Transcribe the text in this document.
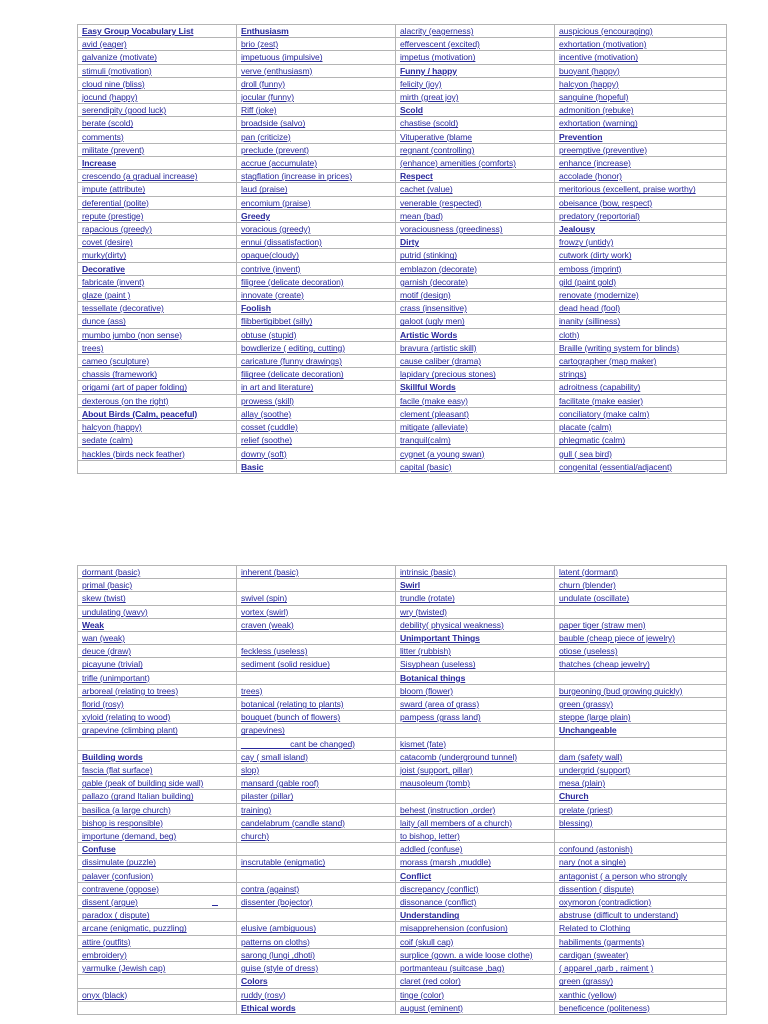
Easy Group Vocabulary List	Enthusiasm	alacrity (eagerness)	auspicious (encouraging)
avid (eager)	brio (zest)	effervescent (excited)	exhortation (motivation)
galvanize (motivate)	impetuous (impulsive)	impetus (motivation)	incentive (motivation)
stimuli (motivation)	verve (enthusiasm)	Funny / happy	buoyant (happy)
cloud nine (bliss)	droll (funny)	felicity (joy)	halcyon (happy)
jocund (happy)	jocular (funny)	mirth (great joy)	sanguine (hopeful)
serendipity (good luck)	Riff (joke)	Scold	admonition (rebuke)
berate (scold)	broadside (salvo)	chastise (scold)	exhortation (warning)
comments)	pan (criticize)	Vituperative (blame	Prevention
militate (prevent)	preclude (prevent)	regnant (controlling)	preemptive (preventive)
Increase	accrue (accumulate)	(enhance) amenities (comforts)	enhance (increase)
crescendo (a gradual increase)	stagflation (increase in prices)	Respect	accolade (honor)
impute (attribute)	laud (praise)	cachet (value)	meritorious (excellent, praise worthy)
deferential (polite)	encomium (praise)	venerable (respected)	obeisance (bow, respect)
repute (prestige)	Greedy	mean (bad)	predatory (reportorial)
rapacious (greedy)	voracious (greedy)	voraciousness (greediness)	Jealousy
covet (desire)	ennui (dissatisfaction)	Dirty	frowzy (untidy)
murky(dirty)	opaque(cloudy)	putrid (stinking)	cutwork (dirty work)
Decorative	contrive (invent)	emblazon (decorate)	emboss (imprint)
fabricate (invent)	filigree (delicate decoration)	garnish (decorate)	gild (paint gold)
glaze (paint )	innovate (create)	motif (design)	renovate (modernize)
tessellate (decorative)	Foolish	crass (insensitive)	dead head (fool)
dunce (ass)	flibbertigibbet (silly)	galoot (ugly men)	inanity (silliness)
mumbo jumbo (non sense)	obtuse (stupid)	Artistic Words	cloth)
trees)	bowdlerize ( editing, cutting)	bravura (artistic skill)	Braille (writing system for blinds)
cameo (sculpture)	caricature (funny drawings)	cause caliber (drama)	cartographer (map maker)
chassis (framework)	filigree (delicate decoration)	lapidary (precious stones)	strings)
origami (art of paper folding)	in art and literature)	Skillful Words	adroitness (capability)
dexterous (on the right)	prowess (skill)	facile (make easy)	facilitate (make easier)
About Birds (Calm, peaceful)	allay (soothe)	clement (pleasant)	conciliatory (make calm)
halcyon (happy)	cosset (cuddle)	mitigate (alleviate)	placate (calm)
sedate (calm)	relief (soothe)	tranquil(calm)	phlegmatic (calm)
hackles (birds neck feather)	downy (soft)	cygnet (a young swan)	gull ( sea bird)
	Basic	capital (basic)	congenital (essential/adjacent)
dormant (basic)	inherent (basic)	intrinsic (basic)	latent (dormant)
primal (basic)		Swirl	churn (blender)
skew (twist)	swivel (spin)	trundle (rotate)	undulate (oscillate)
undulating (wavy)	vortex (swirl)	wry (twisted)	
Weak	craven (weak)	debility( physical weakness)	paper tiger (straw men)
wan (weak)		Unimportant Things	bauble (cheap piece of jewelry)
deuce (draw)	feckless (useless)	litter (rubbish)	otiose (useless)
picayune (trivial)	sediment (solid residue)	Sisyphean (useless)	thatches (cheap jewelry)
trifle (unimportant)		Botanical things	
arboreal (relating to trees)	trees)	bloom (flower)	burgeoning (bud growing quickly)
florid (rosy)	botanical (relating to plants)	sward (area of grass)	green (grassy)
xyloid (relating to wood)	bouquet (bunch of flowers)	pampess (grass land)	steppe (large plain)
grapevine (climbing plant)	grapevines)		Unchangeable
	__________ cant be changed)	kismet (fate)	
Building words	cay ( small island)	catacomb (underground tunnel)	dam (safety wall)
fascia (flat surface)	slop)	joist (support, pillar)	undergrid (support)
gable (peak of building side wall)	mansard (gable roof)	mausoleum (tomb)	mesa (plain)
pallazo (grand Italian building)	pilaster (pillar)		Church
basilica (a large church)	training)	behest (instruction ,order)	prelate (priest)
bishop is responsible)	candelabrum (candle stand)	laity (all members of a church)	blessing)
importune (demand, beg)	church)	to bishop, letter)	
Confuse		addled (confuse)	confound (astonish)
dissimulate (puzzle)	inscrutable (enigmatic)	morass (marsh ,muddle)	nary (not a single)
palaver (confusion)		Conflict	antagonist ( a person who strongly
contravene (oppose)	contra (against)	discrepancy (conflict)	dissention ( dispute)
dissent (argue)	dissenter (bojector)	dissonance (conflict)	oxymoron (contradiction)
paradox ( dispute)		Understanding	abstruse (difficult to understand)
arcane (enigmatic, puzzling)	elusive (ambiguous)	misapprehension (confusion)	Related to Clothing
attire (outfits)	patterns on cloths)	coif (skull cap)	habiliments (garments)
embroidery)	sarong (lungi ,dhoti)	surplice (gown. a wide loose clothe)	cardigan (sweater)
yarmulke (Jewish cap)	guise (style of dress)	portmanteau (suitcase ,bag)	( apparel ,garb , raiment )
	Colors	claret (red color)	green (grassy)
onyx (black)	ruddy (rosy)	tinge (color)	xanthic (yellow)
	Ethical words	august (eminent)	beneficence (politeness)
